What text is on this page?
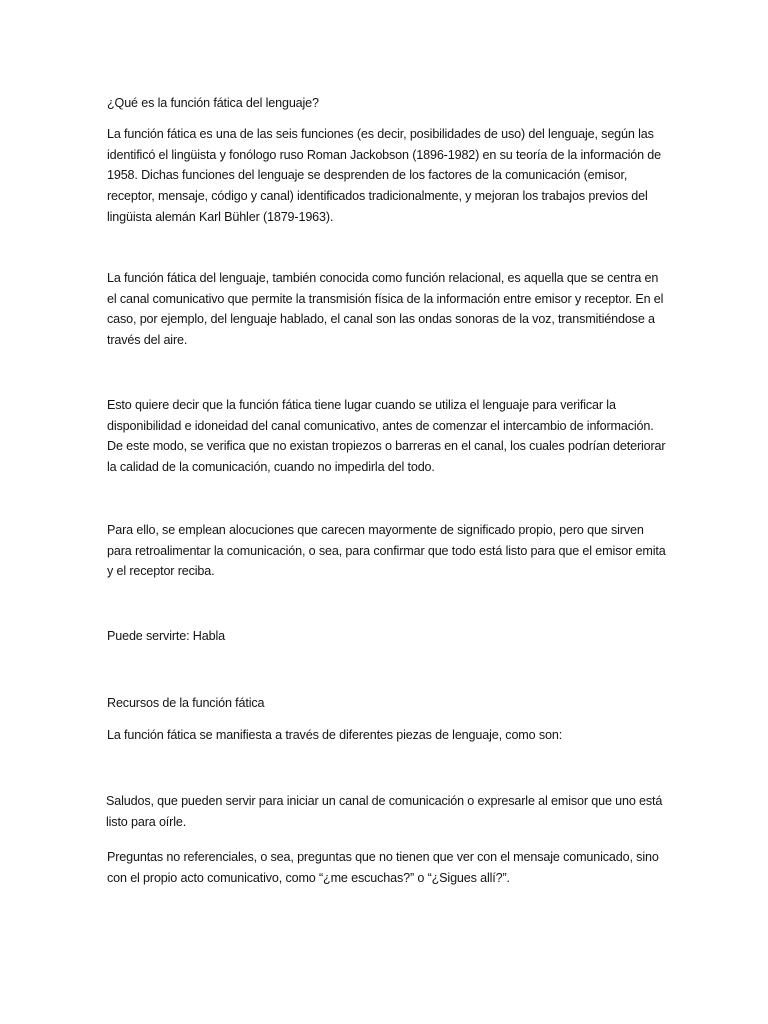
¿Qué es la función fática del lenguaje?

La función fática es una de las seis funciones (es decir, posibilidades de uso) del lenguaje, según las identificó el lingüista y fonólogo ruso Roman Jackobson (1896-1982) en su teoría de la información de 1958. Dichas funciones del lenguaje se desprenden de los factores de la comunicación (emisor, receptor, mensaje, código y canal) identificados tradicionalmente, y mejoran los trabajos previos del lingüista alemán Karl Bühler (1879-1963).

La función fática del lenguaje, también conocida como función relacional, es aquella que se centra en el canal comunicativo que permite la transmisión física de la información entre emisor y receptor. En el caso, por ejemplo, del lenguaje hablado, el canal son las ondas sonoras de la voz, transmitiéndose a través del aire.

Esto quiere decir que la función fática tiene lugar cuando se utiliza el lenguaje para verificar la disponibilidad e idoneidad del canal comunicativo, antes de comenzar el intercambio de información. De este modo, se verifica que no existan tropiezos o barreras en el canal, los cuales podrían deteriorar la calidad de la comunicación, cuando no impedirla del todo.

Para ello, se emplean alocuciones que carecen mayormente de significado propio, pero que sirven para retroalimentar la comunicación, o sea, para confirmar que todo está listo para que el emisor emita y el receptor reciba.

Puede servirte: Habla

Recursos de la función fática

La función fática se manifiesta a través de diferentes piezas de lenguaje, como son:

Saludos, que pueden servir para iniciar un canal de comunicación o expresarle al emisor que uno está listo para oírle.

Preguntas no referenciales, o sea, preguntas que no tienen que ver con el mensaje comunicado, sino con el propio acto comunicativo, como “¿me escuchas?” o “¿Sigues allí?”.
